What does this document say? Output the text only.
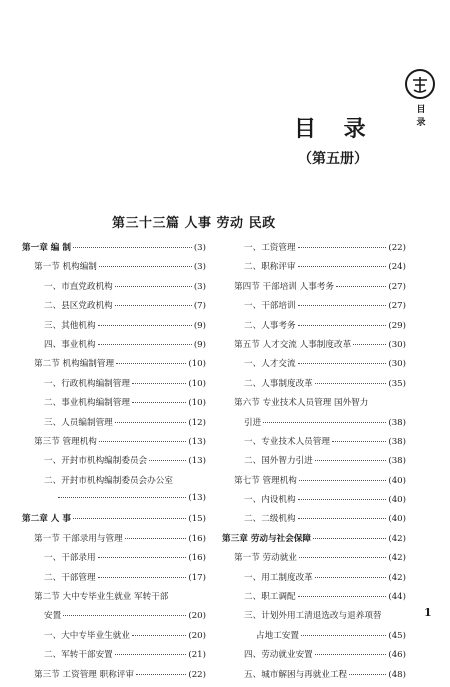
目
录
目 录
（第五册）
第三十三篇 人事 劳动 民政
第一章 编 制	(3)
第一节 机构编制	(3)
一、市直党政机构	(3)
二、县区党政机构	(7)
三、其他机构	(9)
四、事业机构	(9)
第二节 机构编制管理	(10)
一、行政机构编制管理	(10)
二、事业机构编制管理	(10)
三、人员编制管理	(12)
第三节 管理机构	(13)
一、开封市机构编制委员会	(13)
二、开封市机构编制委员会办公室
(13)
第二章 人 事	(15)
第一节 干部录用与管理	(16)
一、干部录用	(16)
二、干部管理	(17)
第二节 大中专毕业生就业 军转干部
安置	(20)
一、大中专毕业生就业	(20)
二、军转干部安置	(21)
第三节 工资管理 职称评审	(22)
一、工资管理	(22)
二、职称评审	(24)
第四节 干部培训 人事考务	(27)
一、干部培训	(27)
二、人事考务	(29)
第五节 人才交流 人事制度改革	(30)
一、人才交流	(30)
二、人事制度改革	(35)
第六节 专业技术人员管理 国外智力
引进	(38)
一、专业技术人员管理	(38)
二、国外智力引进	(38)
第七节 管理机构	(40)
一、内设机构	(40)
二、二级机构	(40)
第三章 劳动与社会保障	(42)
第一节 劳动就业	(42)
一、用工制度改革	(42)
二、职工调配	(44)
三、计划外用工清退选改与退养项替
占地工安置	(45)
四、劳动就业安置	(46)
五、城市解困与再就业工程	(48)
1
